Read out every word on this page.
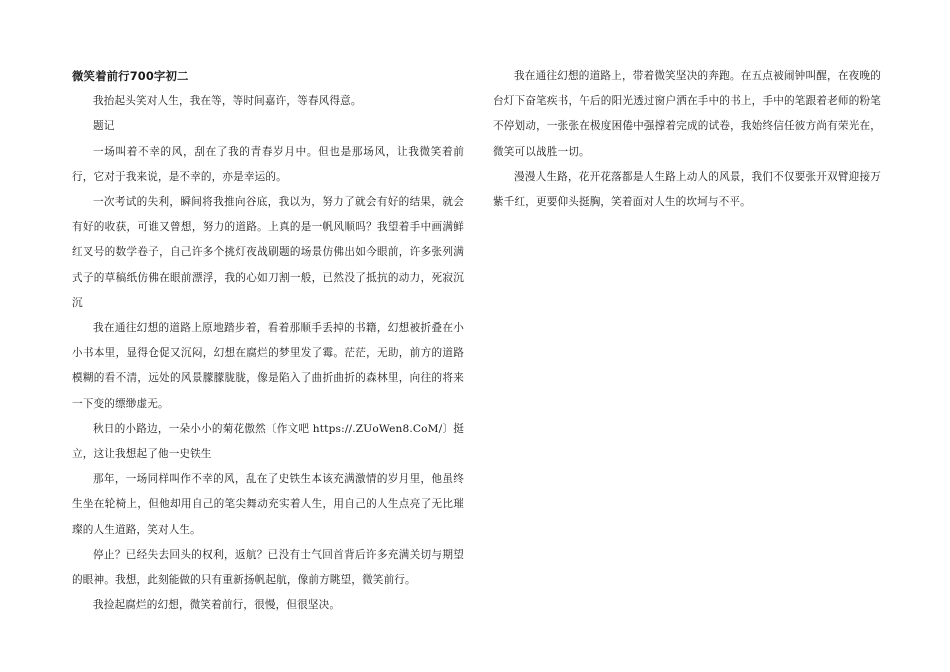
微笑着前行700字初二

我抬起头笑对人生，我在等，等时间嘉许，等春风得意。

题记

一场叫着不幸的风，刮在了我的青春岁月中。但也是那场风，让我微笑着前行，它对于我来说，是不幸的，亦是幸运的。

一次考试的失利，瞬间将我推向谷底，我以为，努力了就会有好的结果，就会有好的收获，可谁又曾想，努力的道路。上真的是一帆风顺吗？我望着手中画满鲜红叉号的数学卷子，自己许多个挑灯夜战刷题的场景仿佛出如今眼前，许多张列满式子的草稿纸仿佛在眼前漂浮，我的心如刀割一般，已然没了抵抗的动力，死寂沉沉

我在通往幻想的道路上原地踏步着，看着那顺手丢掉的书籍，幻想被折叠在小小书本里，显得仓促又沉闷，幻想在腐烂的梦里发了霉。茫茫，无助，前方的道路模糊的看不清，远处的风景朦朦胧胧，像是陷入了曲折曲折的森林里，向往的将来一下变的缥缈虚无。

秋日的小路边，一朵小小的菊花傲然〔作文吧 https://.ZUoWen8.CoM/〕挺立，这让我想起了他一史铁生

那年，一场同样叫作不幸的风，乱在了史铁生本该充满激情的岁月里，他虽终生坐在轮椅上，但他却用自己的笔尖舞动充实着人生，用自己的人生点亮了无比璀璨的人生道路，笑对人生。

停止？已经失去回头的权利，返航？已没有士气回首背后许多充满关切与期望的眼神。我想，此刻能做的只有重新扬帆起航，像前方眺望，微笑前行。

我捡起腐烂的幻想，微笑着前行，很慢，但很坚决。

我在通往幻想的道路上，带着微笑坚决的奔跑。在五点被闹钟叫醒，在夜晚的台灯下奋笔疾书，午后的阳光透过窗户洒在手中的书上，手中的笔跟着老师的粉笔不停划动，一张张在极度困倦中强撑着完成的试卷，我始终信任彼方尚有荣光在，微笑可以战胜一切。

漫漫人生路，花开花落都是人生路上动人的风景，我们不仅要张开双臂迎接万紫千红，更要仰头挺胸，笑着面对人生的坎坷与不平。
